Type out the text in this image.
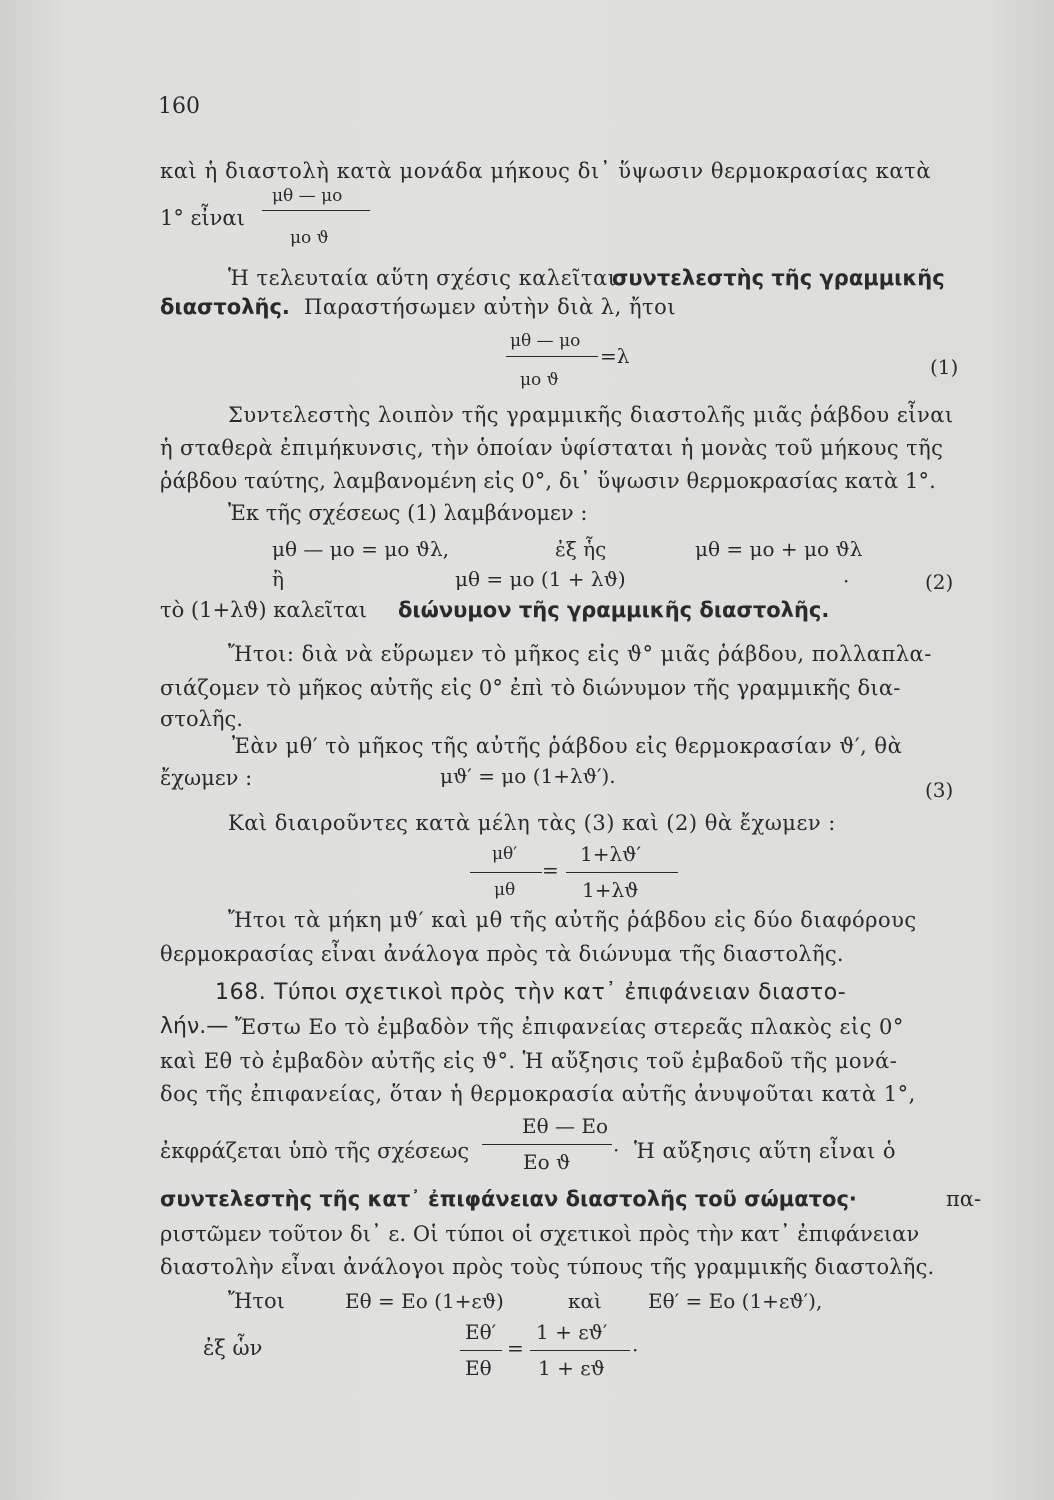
160
καὶ ἡ διαστολὴ κατὰ μονάδα μήκους δι᾽ ὕψωσιν θερμοκρασίας κατὰ
1° εἶναι
μθ — μο
μο ϑ
Ἡ τελευταία αὕτη σχέσις καλεῖται
συντελεστὴς τῆς γραμμικῆς
διαστολῆς. Παραστήσωμεν αὐτὴν διὰ λ, ἤτοι
μθ — μο
μο ϑ
=λ	(1)
Συντελεστὴς λοιπὸν τῆς γραμμικῆς διαστολῆς μιᾶς ῥάβδου εἶναι
ἡ σταθερὰ ἐπιμήκυνσις, τὴν ὁποίαν ὑφίσταται ἡ μονὰς τοῦ μήκους τῆς
ῥάβδου ταύτης, λαμβανομένη εἰς 0°, δι᾽ ὕψωσιν θερμοκρασίας κατὰ 1°.
Ἐκ τῆς σχέσεως (1) λαμβάνομεν :
μθ — μο = μο ϑλ,	ἐξ ἧς	μθ = μο + μο ϑλ
ἢ	μθ = μο (1 + λϑ)	·	(2)
τὸ (1+λϑ) καλεῖται διώνυμον τῆς γραμμικῆς διαστολῆς.
Ἤτοι: διὰ νὰ εὕρωμεν τὸ μῆκος εἰς ϑ° μιᾶς ῥάβδου, πολλαπλα-
σιάζομεν τὸ μῆκος αὐτῆς εἰς 0° ἐπὶ τὸ διώνυμον τῆς γραμμικῆς δια-
στολῆς.
Ἐὰν μθ′ τὸ μῆκος τῆς αὐτῆς ῥάβδου εἰς θερμοκρασίαν ϑ′, θὰ
ἔχωμεν :	μϑ′ = μο (1+λϑ′).
(3)
Καὶ διαιροῦντες κατὰ μέλη τὰς (3) καὶ (2) θὰ ἔχωμεν :
μθ′
μθ
=
1+λϑ′
1+λϑ
Ἤτοι τὰ μήκη μϑ′ καὶ μθ τῆς αὐτῆς ῥάβδου εἰς δύο διαφόρους
θερμοκρασίας εἶναι ἀνάλογα πρὸς τὰ διώνυμα τῆς διαστολῆς.
168. Τύποι σχετικοὶ πρὸς τὴν κατ᾽ ἐπιφάνειαν διαστο-
λήν.— Ἔστω Εο τὸ ἐμβαδὸν τῆς ἐπιφανείας στερεᾶς πλακὸς εἰς 0°
καὶ Εθ τὸ ἐμβαδὸν αὐτῆς εἰς ϑ°. Ἡ αὔξησις τοῦ ἐμβαδοῦ τῆς μονά-
δος τῆς ἐπιφανείας, ὅταν ἡ θερμοκρασία αὐτῆς ἀνυψοῦται κατὰ 1°,
ἐκφράζεται ὑπὸ τῆς σχέσεως
Εθ — Εο
Εο ϑ · Ἡ αὔξησις αὕτη εἶναι ὁ
συντελεστὴς τῆς κατ᾽ ἐπιφάνειαν διαστολῆς τοῦ σώματος·	πα-
ριστῶμεν τοῦτον δι᾽ ε. Οἱ τύποι οἱ σχετικοὶ πρὸς τὴν κατ᾽ ἐπιφάνειαν
διαστολὴν εἶναι ἀνάλογοι πρὸς τοὺς τύπους τῆς γραμμικῆς διαστολῆς.
Ἤτοι	Εθ = Εο (1+εϑ)	καὶ Εθ′ = Εο (1+εϑ′),
ἐξ ὧν
Εθ′
Εθ
=
1 + εϑ′
1 + εϑ
·
